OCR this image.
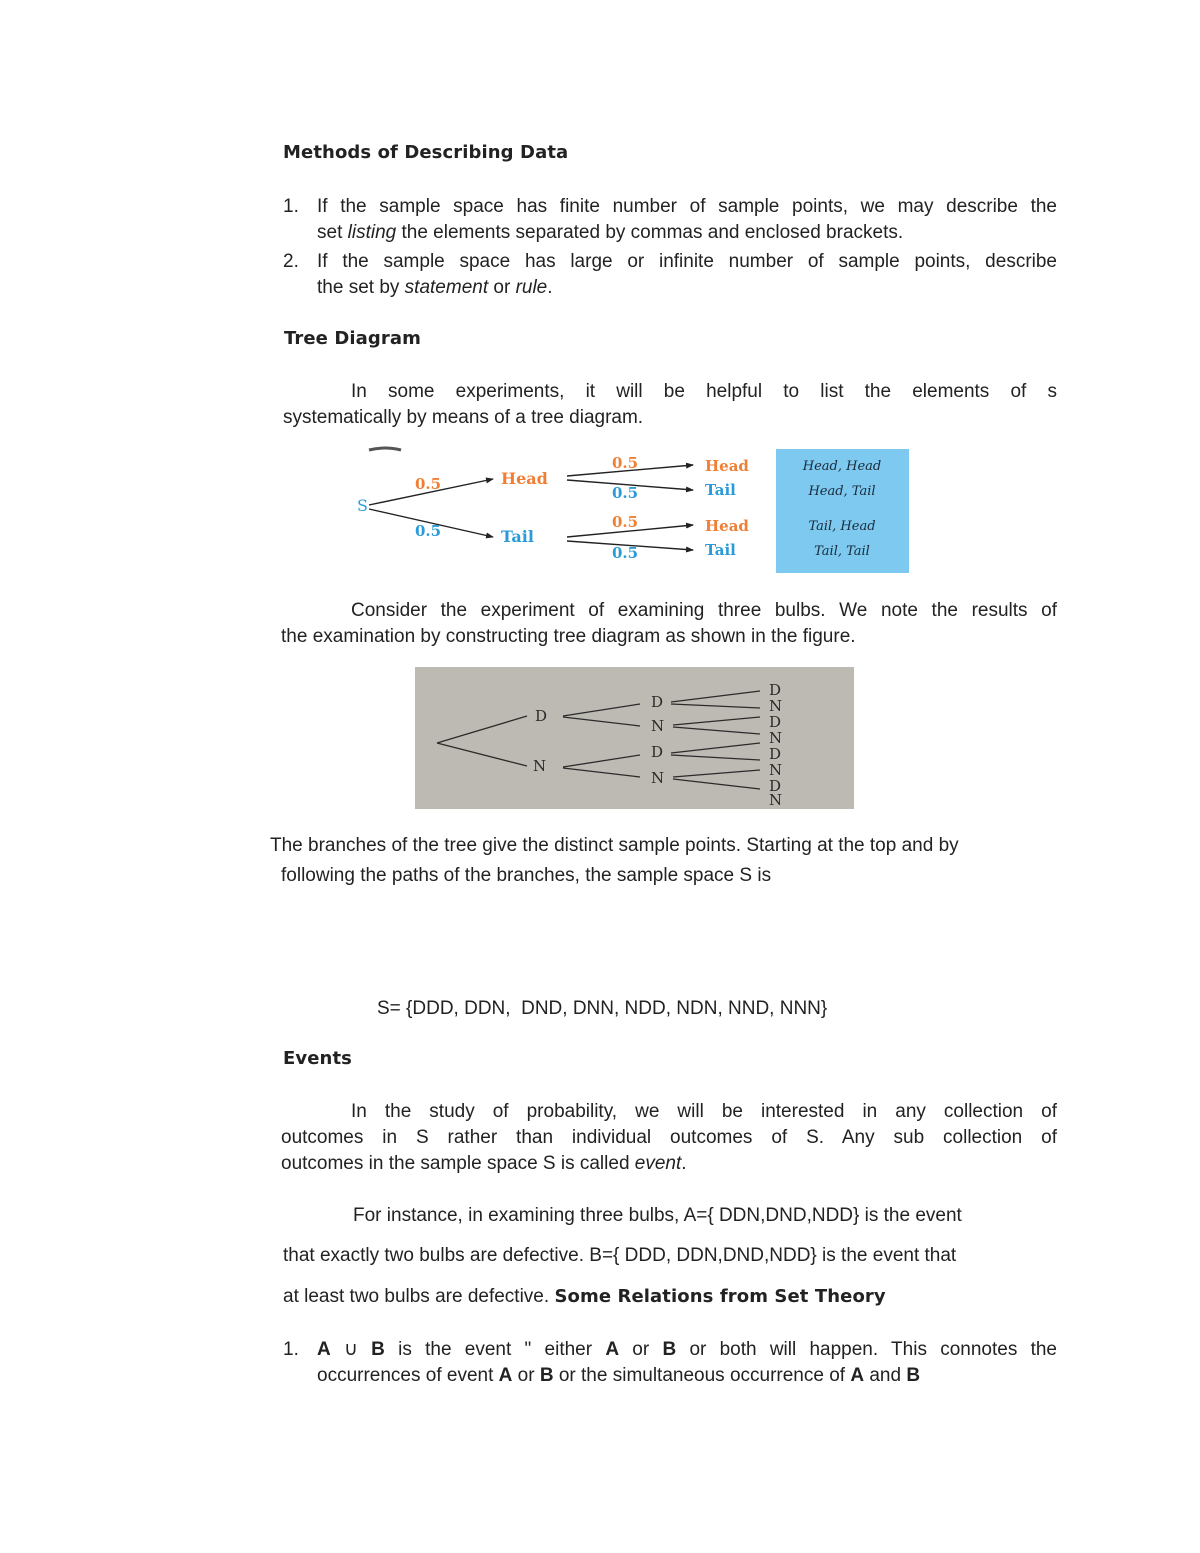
Methods of Describing Data
1. If the sample space has finite number of sample points, we may describe the
set listing the elements separated by commas and enclosed brackets.
2. If the sample space has large or infinite number of sample points, describe
the set by statement or rule.
Tree Diagram
In some experiments, it will be helpful to list the elements of s
systematically by means of a tree diagram.
S
0.5
0.5
Head
Tail
0.5
0.5
0.5
0.5
Head
Tail
Head
Tail
Head, Head
Head, Tail
Tail, Head
Tail, Tail
Consider the experiment of examining three bulbs. We note the results of
the examination by constructing tree diagram as shown in the figure.
D
N
D
N
D
N
D
N
D
N
D
N
D
N
The branches of the tree give the distinct sample points. Starting at the top and by
following the paths of the branches, the sample space S is
S= {DDD, DDN,  DND, DNN, NDD, NDN, NND, NNN}
Events
In the study of probability, we will be interested in any collection of
outcomes in S rather than individual outcomes of S. Any sub collection of
outcomes in the sample space S is called event.
For instance, in examining three bulbs, A={ DDN,DND,NDD} is the event
that exactly two bulbs are defective. B={ DDD, DDN,DND,NDD} is the event that
at least two bulbs are defective. Some Relations from Set Theory
1. A ∪ B is the event " either A or B or both will happen. This connotes the
occurrences of event A or B or the simultaneous occurrence of A and B
